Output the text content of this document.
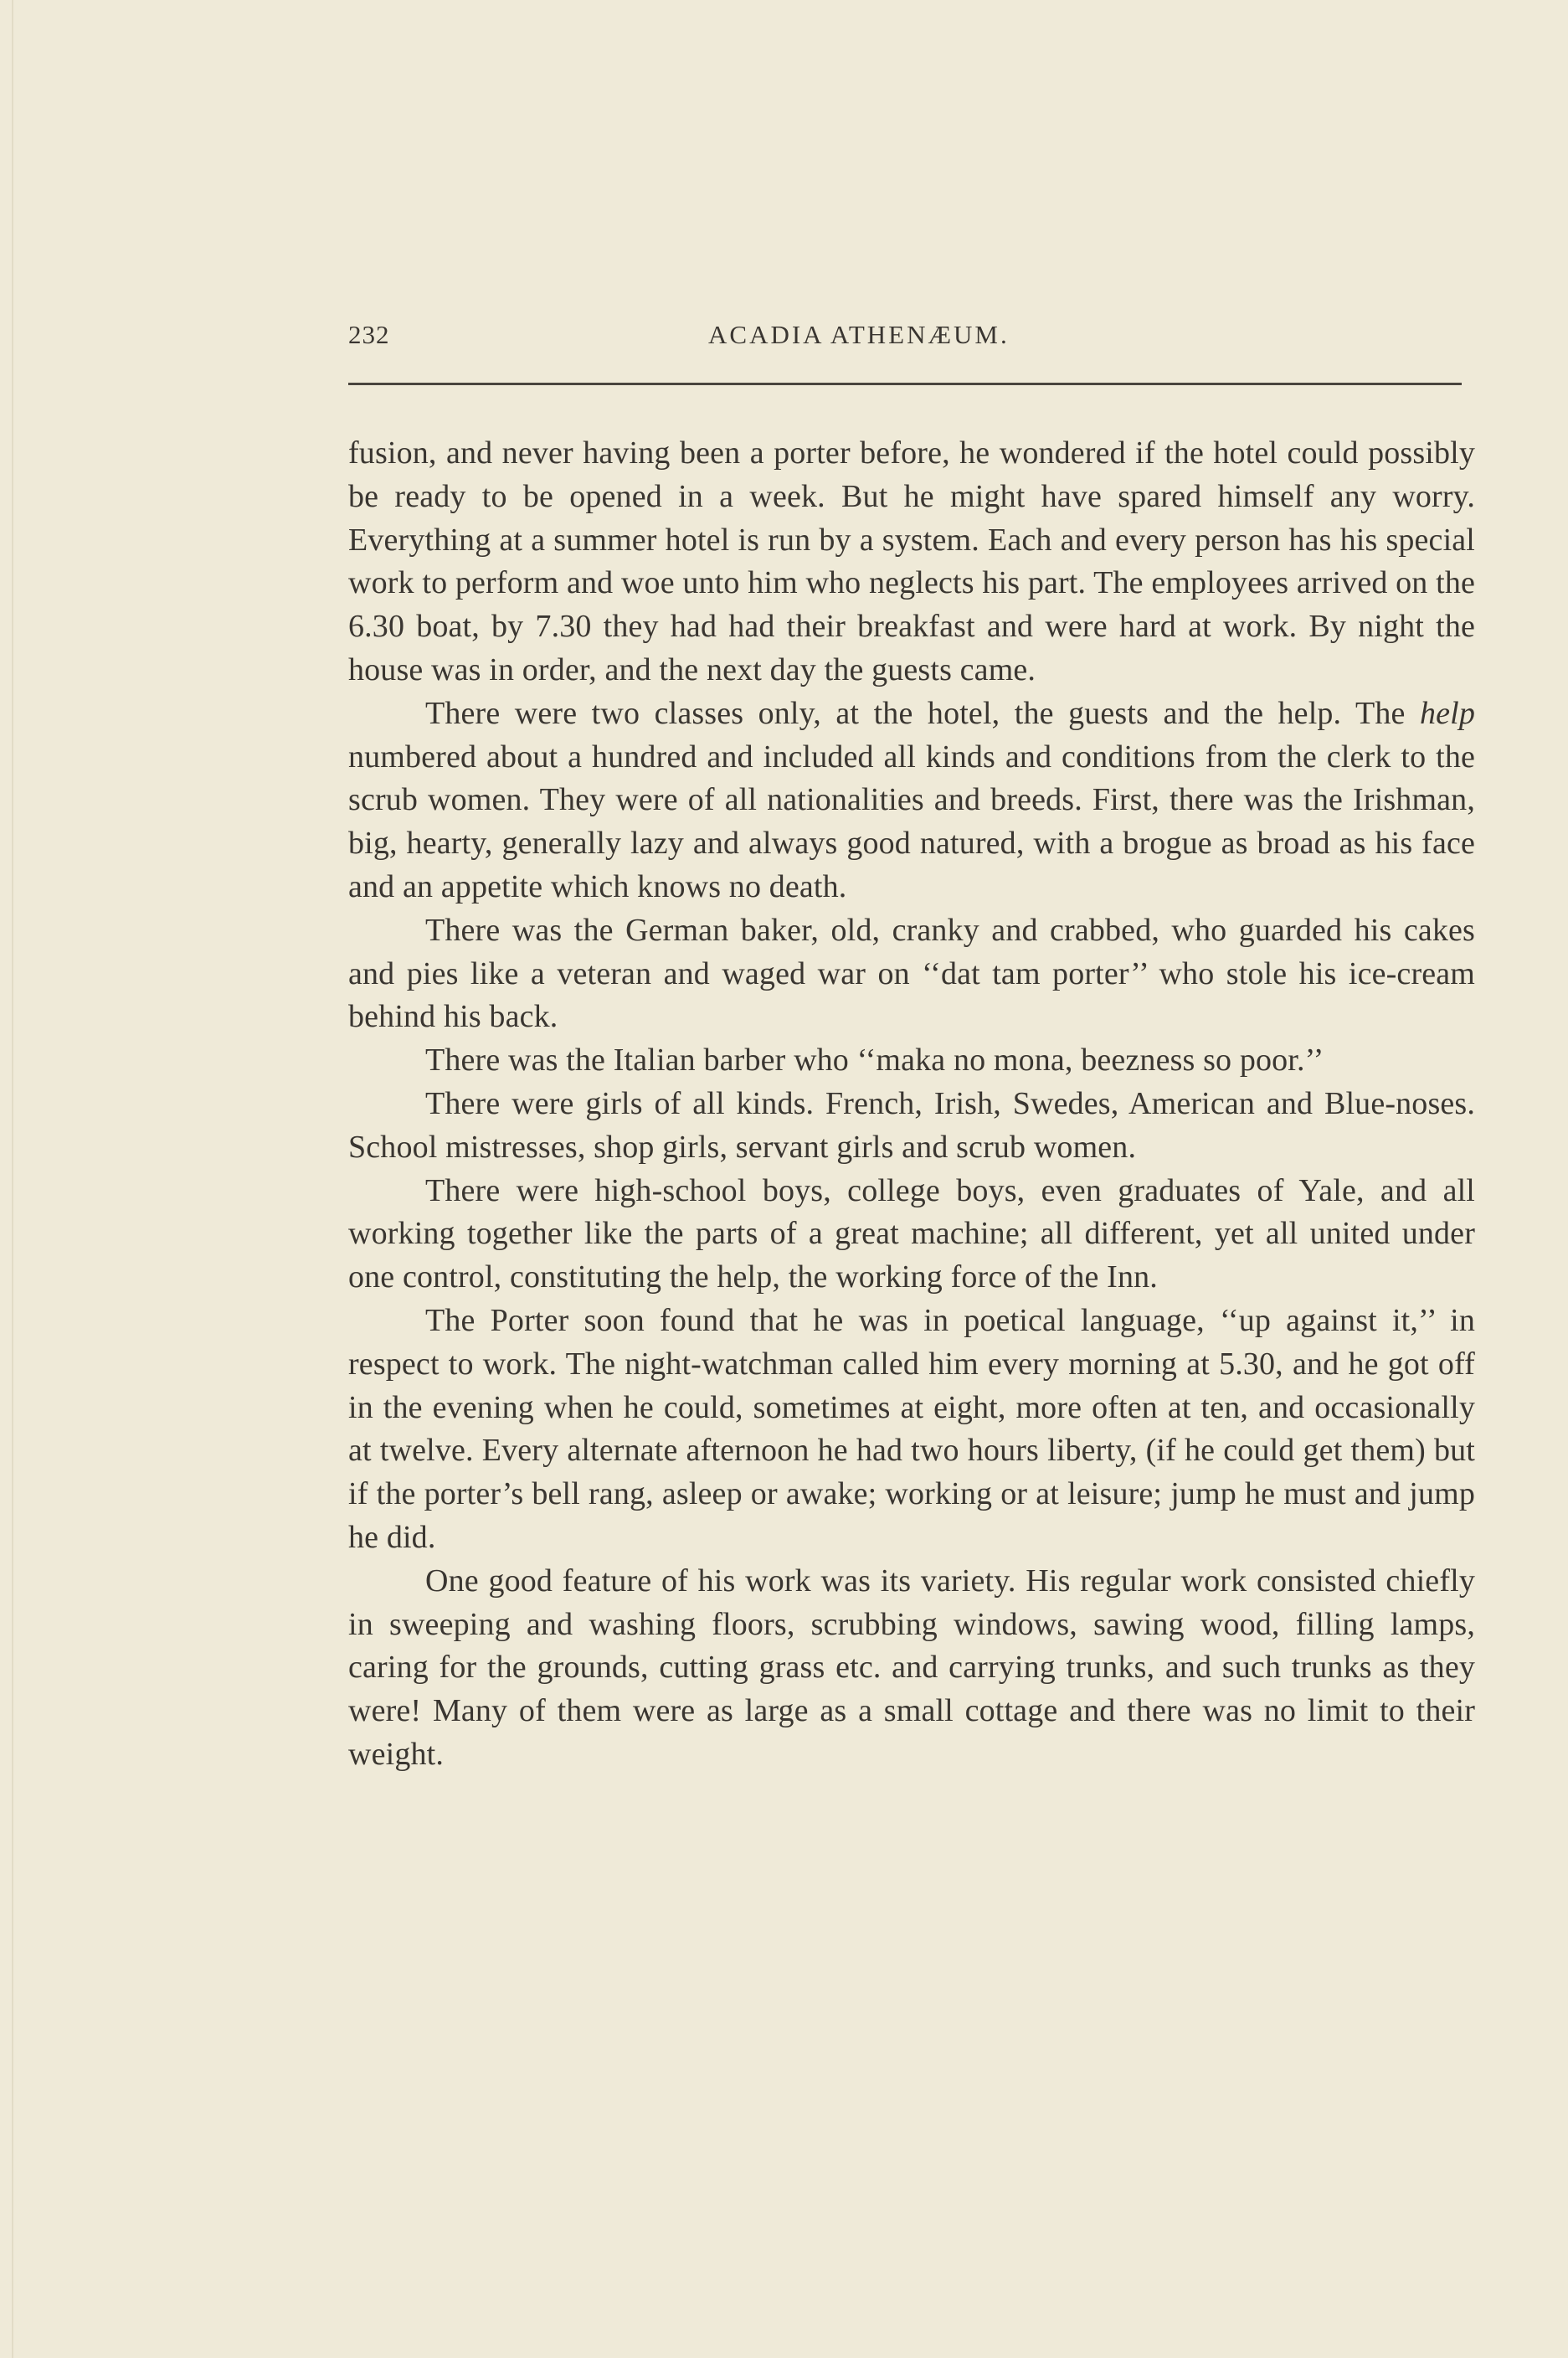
232	ACADIA ATHENÆUM.

fusion, and never having been a porter before, he wondered if the hotel could possibly be ready to be opened in a week. But he might have spared himself any worry. Everything at a summer hotel is run by a system. Each and every person has his special work to perform and woe unto him who neglects his part. The employees arrived on the 6.30 boat, by 7.30 they had had their breakfast and were hard at work. By night the house was in order, and the next day the guests came.

There were two classes only, at the hotel, the guests and the help. The help numbered about a hundred and included all kinds and conditions from the clerk to the scrub women. They were of all nationalities and breeds. First, there was the Irishman, big, hearty, generally lazy and always good natured, with a brogue as broad as his face and an appetite which knows no death.

There was the German baker, old, cranky and crabbed, who guarded his cakes and pies like a veteran and waged war on ‘‘dat tam porter’’ who stole his ice-cream behind his back.

There was the Italian barber who ‘‘maka no mona, beezness so poor.’’

There were girls of all kinds. French, Irish, Swedes, American and Blue-noses. School mistresses, shop girls, servant girls and scrub women.

There were high-school boys, college boys, even graduates of Yale, and all working together like the parts of a great machine; all different, yet all united under one control, constituting the help, the working force of the Inn.

The Porter soon found that he was in poetical language, ‘‘up against it,’’ in respect to work. The night-watchman called him every morning at 5.30, and he got off in the evening when he could, sometimes at eight, more often at ten, and occasionally at twelve. Every alternate afternoon he had two hours liberty, (if he could get them) but if the porter’s bell rang, asleep or awake; working or at leisure; jump he must and jump he did.

One good feature of his work was its variety. His regular work consisted chiefly in sweeping and washing floors, scrubbing windows, sawing wood, filling lamps, caring for the grounds, cutting grass etc. and carrying trunks, and such trunks as they were! Many of them were as large as a small cottage and there was no limit to their weight.
